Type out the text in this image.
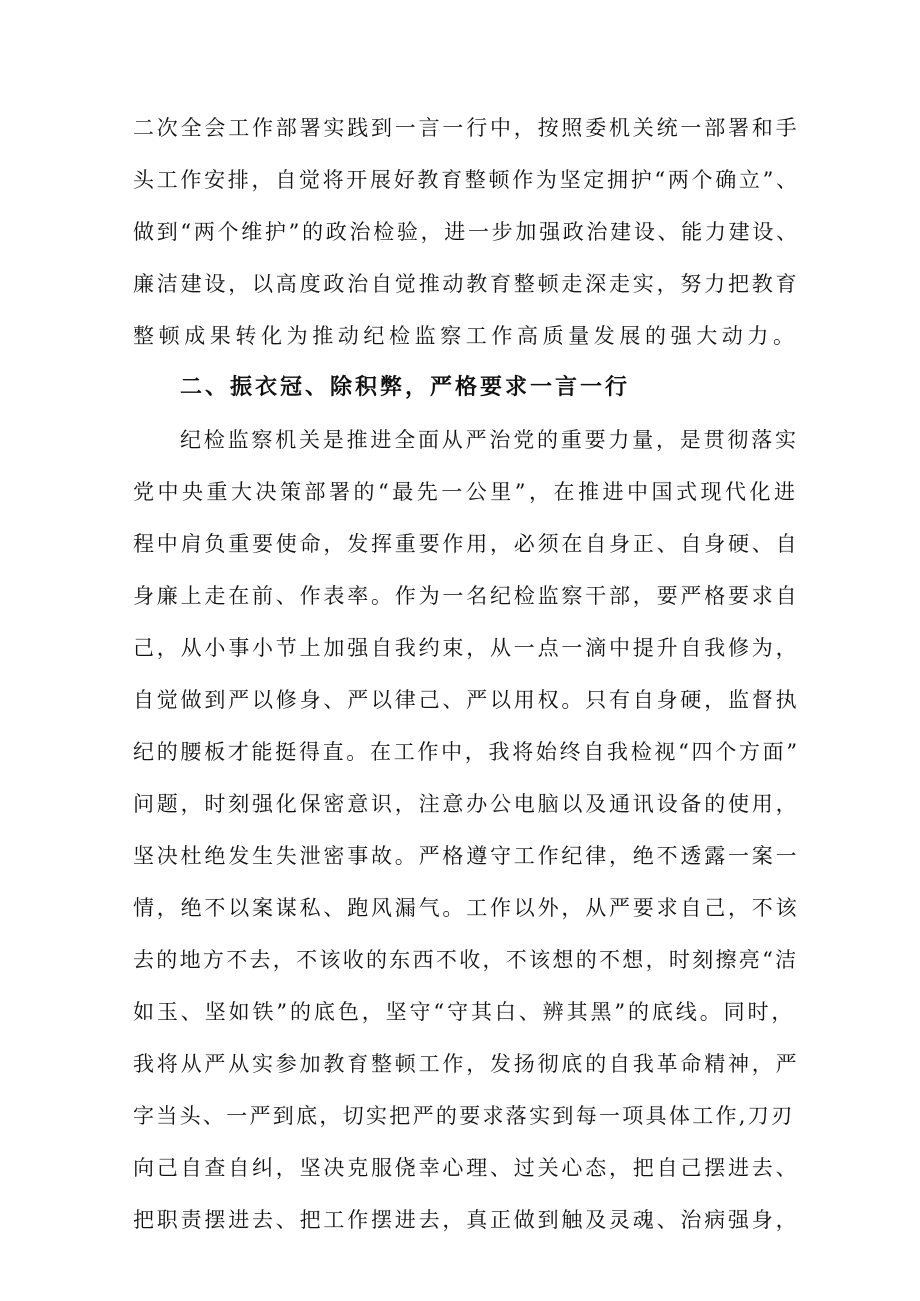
二次全会工作部署实践到一言一行中，按照委机关统一部署和手

头工作安排，自觉将开展好教育整顿作为坚定拥护“两个确立”、

做到“两个维护”的政治检验，进一步加强政治建设、能力建设、

廉洁建设，以高度政治自觉推动教育整顿走深走实，努力把教育

整顿成果转化为推动纪检监察工作高质量发展的强大动力。

二、振衣冠、除积弊，严格要求一言一行

纪检监察机关是推进全面从严治党的重要力量，是贯彻落实

党中央重大决策部署的“最先一公里”，在推进中国式现代化进

程中肩负重要使命，发挥重要作用，必须在自身正、自身硬、自

身廉上走在前、作表率。作为一名纪检监察干部，要严格要求自

己，从小事小节上加强自我约束，从一点一滴中提升自我修为，

自觉做到严以修身、严以律己、严以用权。只有自身硬，监督执

纪的腰板才能挺得直。在工作中，我将始终自我检视“四个方面”

问题，时刻强化保密意识，注意办公电脑以及通讯设备的使用，

坚决杜绝发生失泄密事故。严格遵守工作纪律，绝不透露一案一

情，绝不以案谋私、跑风漏气。工作以外，从严要求自己，不该

去的地方不去，不该收的东西不收，不该想的不想，时刻擦亮“洁

如玉、坚如铁”的底色，坚守“守其白、辨其黑”的底线。同时，

我将从严从实参加教育整顿工作，发扬彻底的自我革命精神，严

字当头、一严到底，切实把严的要求落实到每一项具体工作,刀刃

向己自查自纠，坚决克服侥幸心理、过关心态，把自己摆进去、

把职责摆进去、把工作摆进去，真正做到触及灵魂、治病强身，
